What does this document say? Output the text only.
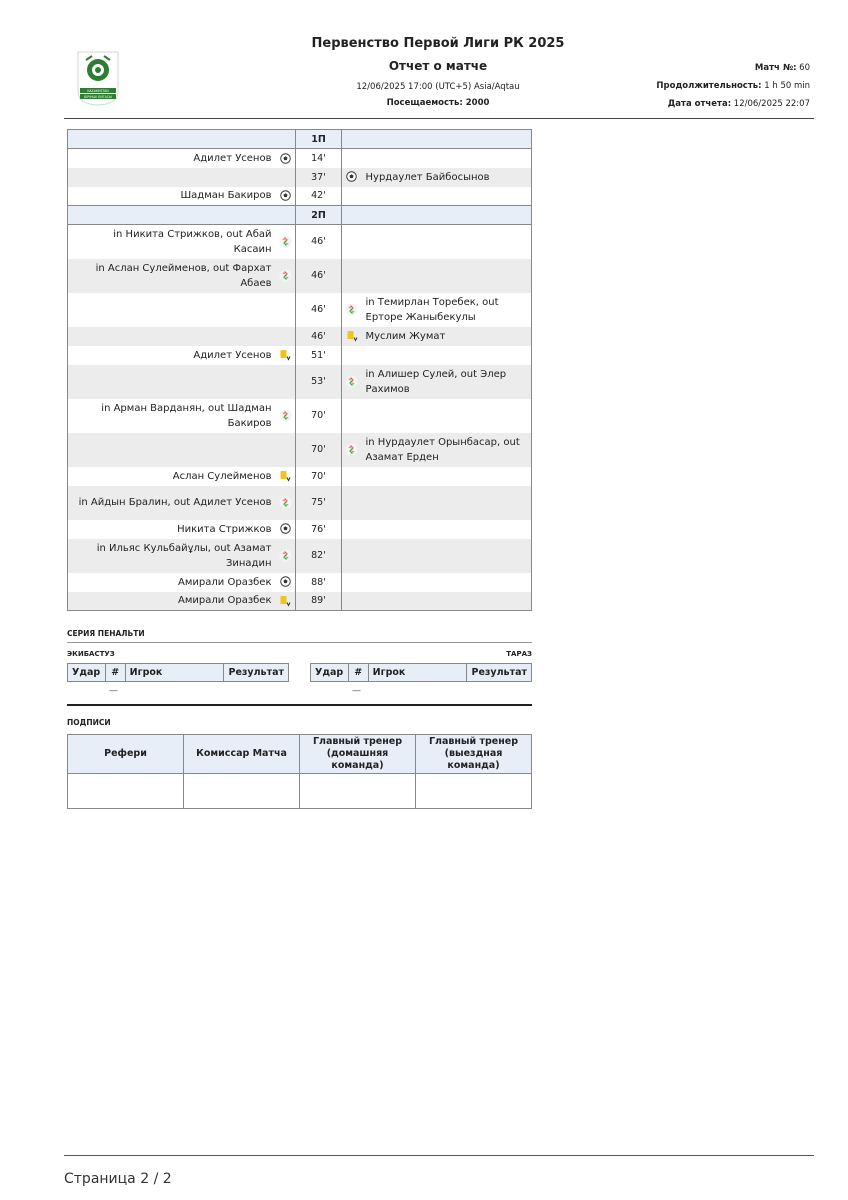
KAZAKHSTAN
БІРІНШІ ЛИГАСЫ
Первенство Первой Лиги РК 2025
Отчет о матче
12/06/2025 17:00 (UTC+5) Asia/Aqtau
Посещаемость: 2000
Матч №: 60
Продолжительность: 1 h 50 min
Дата отчета: 12/06/2025 22:07
		1П		
Адилет Усенов		14'		
		37'		Нурдаулет Байбосынов
Шадман Бакиров		42'		
		2П		
in Никита Стрижков, out Абай Касаин		46'		
in Аслан Сулейменов, out Фархат Абаев		46'		
		46'		in Темирлан Торебек, out Ерторе Жаныбекулы
		46'		Муслим Жумат
Адилет Усенов		51'		
		53'		in Алишер Сулей, out Элер Рахимов
in Арман Варданян, out Шадман Бакиров		70'		
		70'		in Нурдаулет Орынбасар, out Азамат Ерден
Аслан Сулейменов		70'		
in Айдын Бралин, out Адилет Усенов		75'		
Никита Стрижков		76'		
in Ильяс Кульбайұлы, out Азамат Зинадин		82'		
Амирали Оразбек		88'		
Амирали Оразбек		89'		
СЕРИЯ ПЕНАЛЬТИ
ЭКИБАСТУЗ	ТАРАЗ
Удар	#	Игрок	Результат	Удар	#	Игрок	Результат
—	—
ПОДПИСИ
Рефери	Комиссар Матча	Главный тренер (домашняя команда)	Главный тренер (выездная команда)

Страница 2 / 2
